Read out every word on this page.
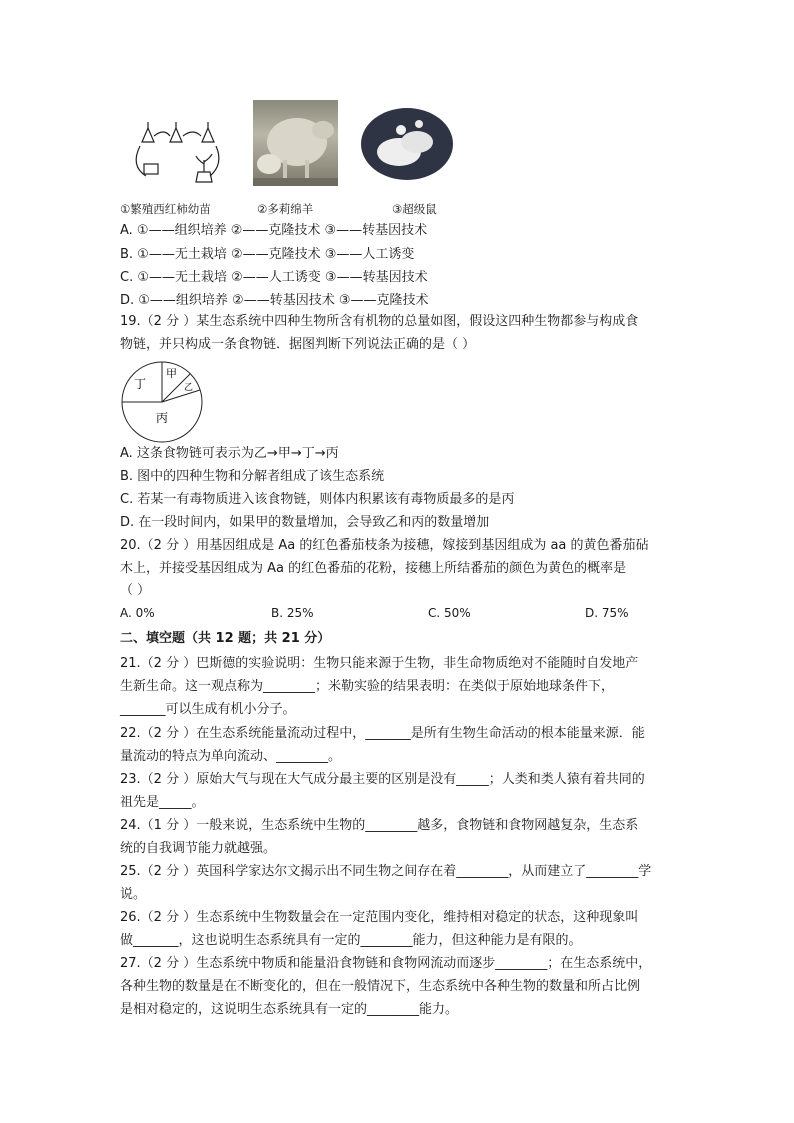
①繁殖西红柿幼苗	②多莉绵羊	③超级鼠
A. ①——组织培养 ②——克隆技术 ③——转基因技术
B. ①——无土栽培 ②——克隆技术 ③——人工诱变
C. ①——无土栽培 ②——人工诱变 ③——转基因技术
D. ①——组织培养 ②——转基因技术 ③——克隆技术
19.（2 分 ）某生态系统中四种生物所含有机物的总量如图，假设这四种生物都参与构成食
物链，并只构成一条食物链．据图判断下列说法正确的是（ ）
丁
甲
乙
丙
A. 这条食物链可表示为乙→甲→丁→丙
B. 图中的四种生物和分解者组成了该生态系统
C. 若某一有毒物质进入该食物链，则体内积累该有毒物质最多的是丙
D. 在一段时间内，如果甲的数量增加，会导致乙和丙的数量增加
20.（2 分 ）用基因组成是 Aa 的红色番茄枝条为接穗，嫁接到基因组成为 aa 的黄色番茄砧
木上，并接受基因组成为 Aa 的红色番茄的花粉，接穗上所结番茄的颜色为黄色的概率是
（ ）
A. 0%	B. 25%	C. 50%	D. 75%
二、填空题（共 12 题；共 21 分）
21.（2 分 ）巴斯德的实验说明：生物只能来源于生物，非生命物质绝对不能随时自发地产
生新生命。这一观点称为________；米勒实验的结果表明：在类似于原始地球条件下，
_______可以生成有机小分子。
22.（2 分 ）在生态系统能量流动过程中，_______是所有生物生命活动的根本能量来源．能
量流动的特点为单向流动、________。
23.（2 分 ）原始大气与现在大气成分最主要的区别是没有_____；人类和类人猿有着共同的
祖先是_____。
24.（1 分 ）一般来说，生态系统中生物的________越多，食物链和食物网越复杂，生态系
统的自我调节能力就越强。
25.（2 分 ）英国科学家达尔文揭示出不同生物之间存在着________，从而建立了________学
说。
26.（2 分 ）生态系统中生物数量会在一定范围内变化，维持相对稳定的状态，这种现象叫
做_______，这也说明生态系统具有一定的________能力，但这种能力是有限的。
27.（2 分 ）生态系统中物质和能量沿食物链和食物网流动而逐步________；在生态系统中，
各种生物的数量是在不断变化的，但在一般情况下，生态系统中各种生物的数量和所占比例
是相对稳定的，这说明生态系统具有一定的________能力。
